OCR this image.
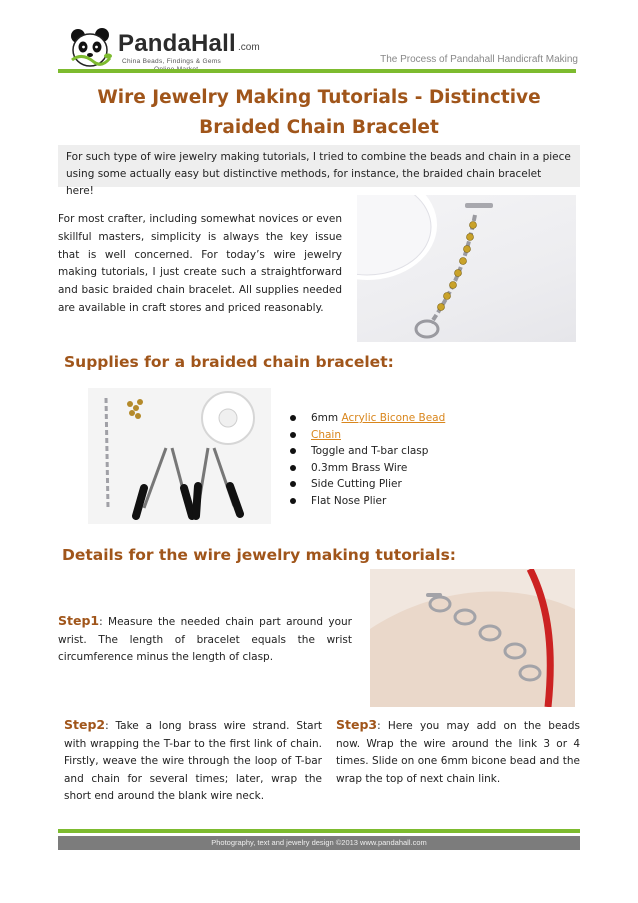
PandaHall .com
China Beads, Findings & Gems	The Process of Pandahall Handicraft Making
Wire Jewelry Making Tutorials - Distinctive Braided Chain Bracelet

For such type of wire jewelry making tutorials, I tried to combine the beads and chain in a piece using some actually easy but distinctive methods, for instance, the braided chain bracelet here!

For most crafter, including somewhat novices or even skillful masters, simplicity is always the key issue that is well concerned. For today’s wire jewelry making tutorials, I just create such a straightforward and basic braided chain bracelet. All supplies needed are available in craft stores and priced reasonably.

Supplies for a braided chain bracelet:
6mm Acrylic Bicone Bead
Chain
Toggle and T-bar clasp
0.3mm Brass Wire
Side Cutting Plier
Flat Nose Plier
Details for the wire jewelry making tutorials:
Step1: Measure the needed chain part around your wrist. The length of bracelet equals the wrist circumference minus the length of clasp.
Step2: Take a long brass wire strand. Start with wrapping the T-bar to the first link of chain. Firstly, weave the wire through the loop of T-bar and chain for several times; later, wrap the short end around the blank wire neck.
Step3: Here you may add on the beads now. Wrap the wire around the link 3 or 4 times. Slide on one 6mm bicone bead and the wrap the top of next chain link.
Photography, text and jewelry design ©2013 www.pandahall.com
